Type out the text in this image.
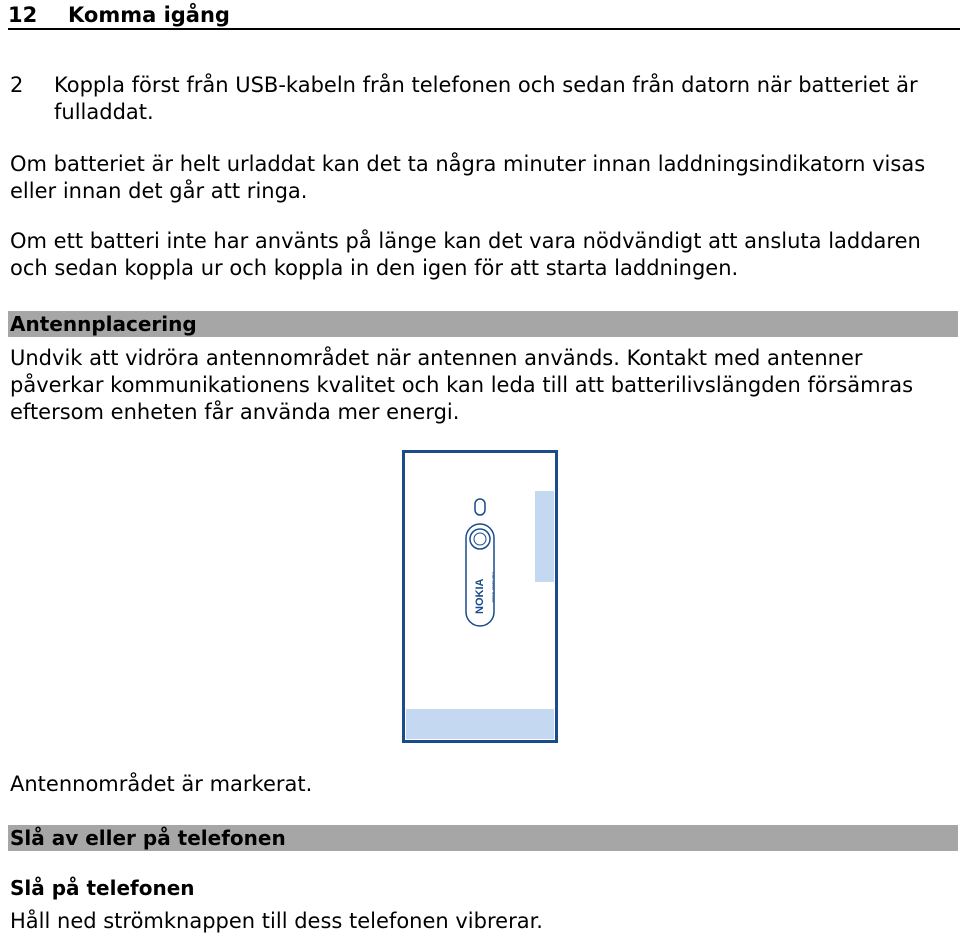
12 Komma igång
2	Koppla först från USB-kabeln från telefonen och sedan från datorn när batteriet är fulladdat.

Om batteriet är helt urladdat kan det ta några minuter innan laddningsindikatorn visas eller innan det går att ringa.

Om ett batteri inte har använts på länge kan det vara nödvändigt att ansluta laddaren och sedan koppla ur och koppla in den igen för att starta laddningen.

Antennplacering

Undvik att vidröra antennområdet när antennen används. Kontakt med antenner påverkar kommunikationens kvalitet och kan leda till att batterilivslängden försämras eftersom enheten får använda mer energi.

Carl Zeiss Tessar
NOKIA

Antennområdet är markerat.

Slå av eller på telefonen
Slå på telefonen

Håll ned strömknappen till dess telefonen vibrerar.
